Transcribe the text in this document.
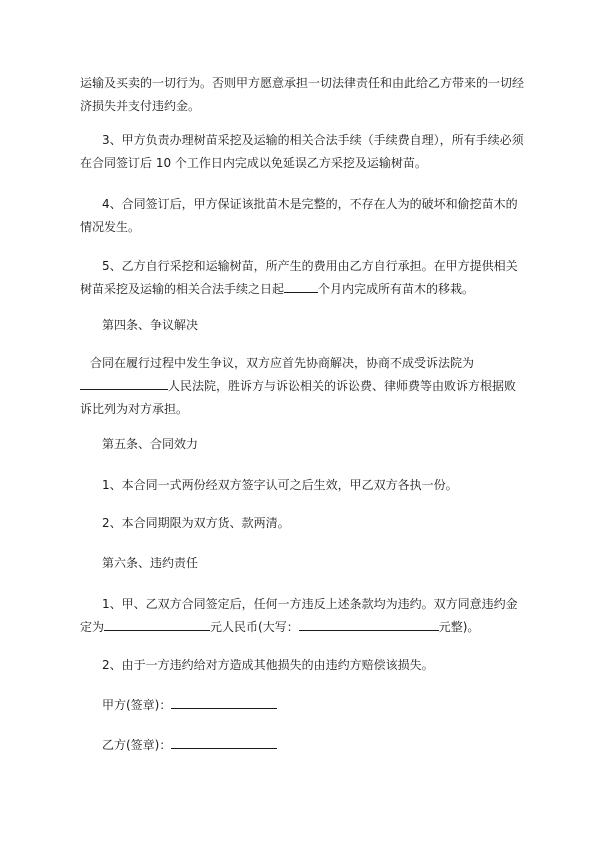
运输及买卖的一切行为。否则甲方愿意承担一切法律责任和由此给乙方带来的一切经
济损失并支付违约金。
3、甲方负责办理树苗采挖及运输的相关合法手续（手续费自理），所有手续必须
在合同签订后 10 个工作日内完成以免延误乙方采挖及运输树苗。
4、合同签订后，甲方保证该批苗木是完整的，不存在人为的破坏和偷挖苗木的
情况发生。
5、乙方自行采挖和运输树苗，所产生的费用由乙方自行承担。在甲方提供相关
树苗采挖及运输的相关合法手续之日起	个月内完成所有苗木的移栽。
第四条、争议解决
合同在履行过程中发生争议，双方应首先协商解决，协商不成受诉法院为
人民法院，胜诉方与诉讼相关的诉讼费、律师费等由败诉方根据败
诉比列为对方承担。
第五条、合同效力
1、本合同一式两份经双方签字认可之后生效，甲乙双方各执一份。
2、本合同期限为双方货、款两清。
第六条、违约责任
1、甲、乙双方合同签定后，任何一方违反上述条款均为违约。双方同意违约金
定为	元人民币(大写：	元整)。
2、由于一方违约给对方造成其他损失的由违约方赔偿该损失。
甲方(签章)：
乙方(签章)：
